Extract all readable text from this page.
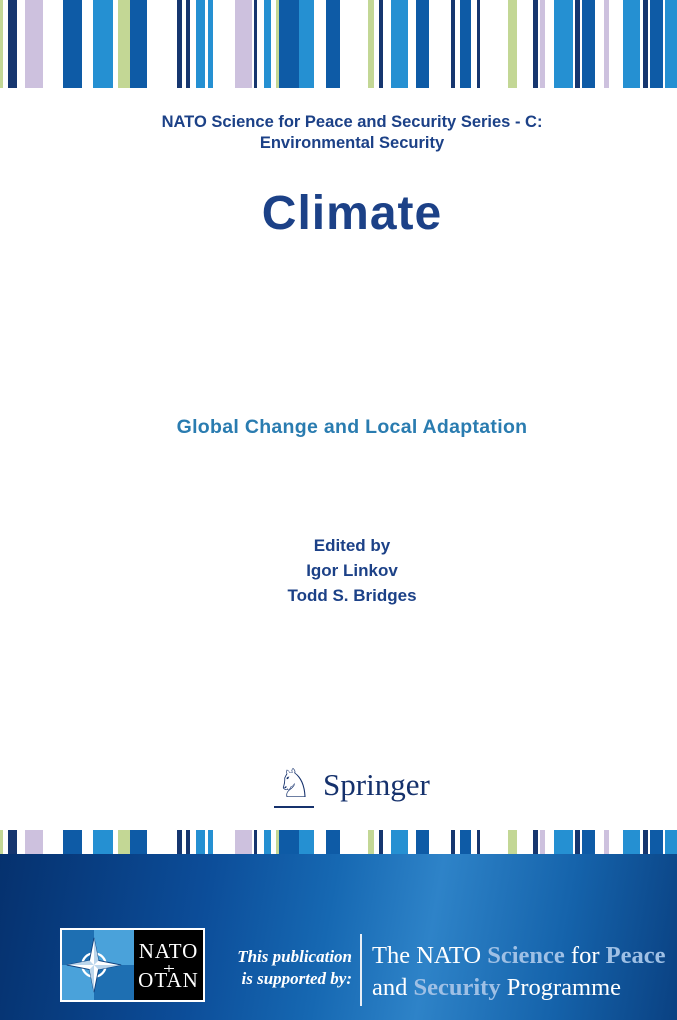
NATO Science for Peace and Security Series - C:
Environmental Security
Climate
Global Change and Local Adaptation
Edited by
Igor Linkov
Todd S. Bridges
♘ Springer
NATO
OTAN
This publication
is supported by:
The NATO Science for Peace
and Security Programme
